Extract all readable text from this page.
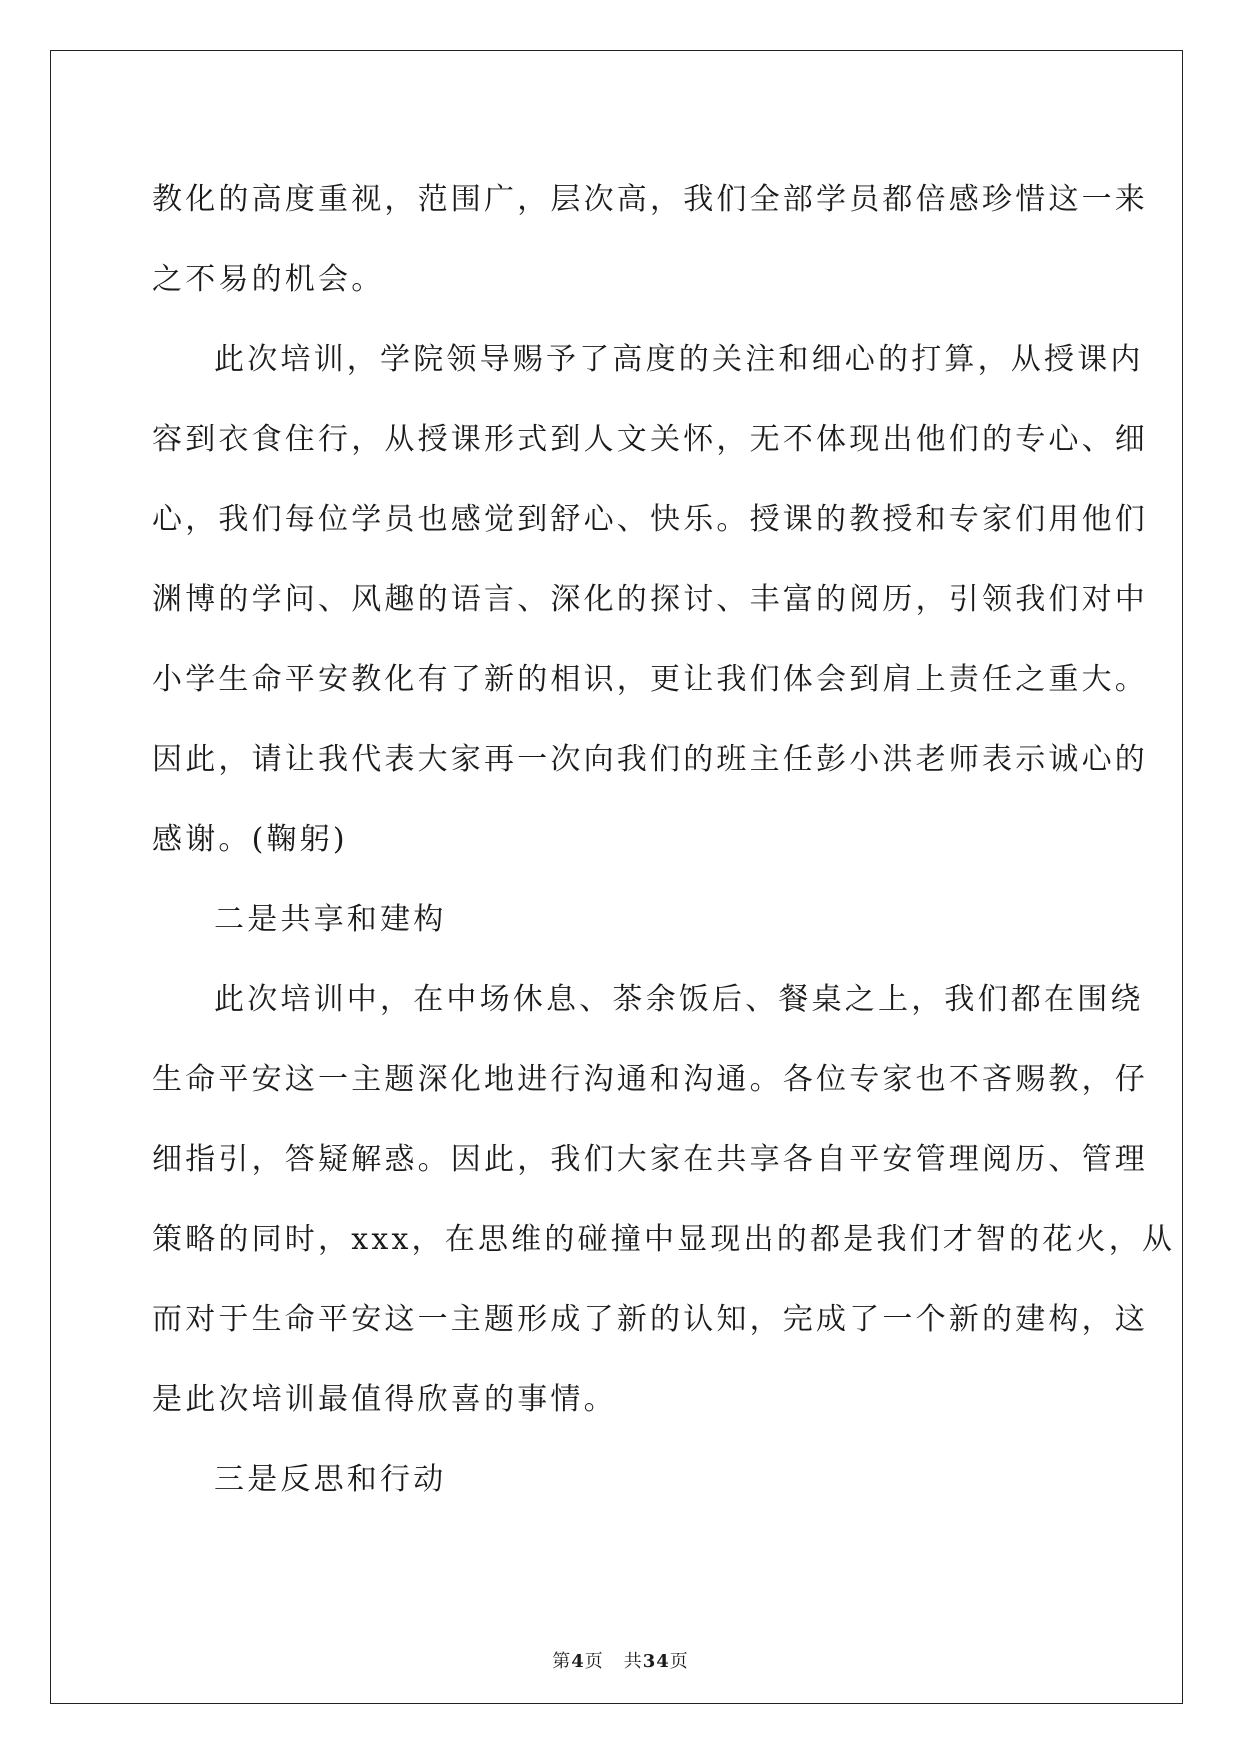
教化的高度重视，范围广，层次高，我们全部学员都倍感珍惜这一来
之不易的机会。
此次培训，学院领导赐予了高度的关注和细心的打算，从授课内
容到衣食住行，从授课形式到人文关怀，无不体现出他们的专心、细
心，我们每位学员也感觉到舒心、快乐。授课的教授和专家们用他们
渊博的学问、风趣的语言、深化的探讨、丰富的阅历，引领我们对中
小学生命平安教化有了新的相识，更让我们体会到肩上责任之重大。
因此，请让我代表大家再一次向我们的班主任彭小洪老师表示诚心的
感谢。(鞠躬)
二是共享和建构
此次培训中，在中场休息、茶余饭后、餐桌之上，我们都在围绕
生命平安这一主题深化地进行沟通和沟通。各位专家也不吝赐教，仔
细指引，答疑解惑。因此，我们大家在共享各自平安管理阅历、管理
策略的同时，xxx，在思维的碰撞中显现出的都是我们才智的花火，从
而对于生命平安这一主题形成了新的认知，完成了一个新的建构，这
是此次培训最值得欣喜的事情。
三是反思和行动
第4页 共34页
